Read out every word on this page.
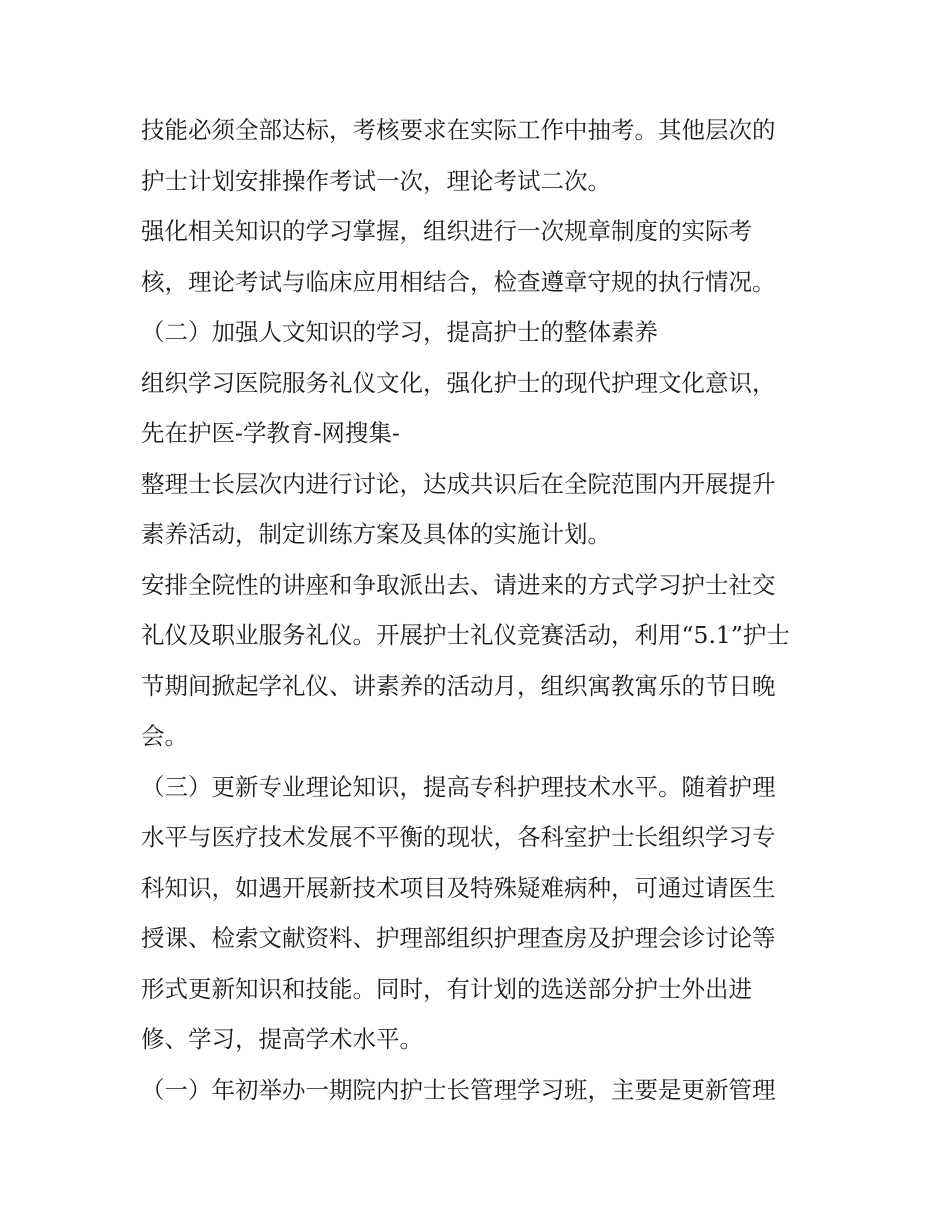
技能必须全部达标，考核要求在实际工作中抽考。其他层次的
护士计划安排操作考试一次，理论考试二次。
强化相关知识的学习掌握，组织进行一次规章制度的实际考
核，理论考试与临床应用相结合，检查遵章守规的执行情况。
（二）加强人文知识的学习，提高护士的整体素养
组织学习医院服务礼仪文化，强化护士的现代护理文化意识，
先在护医-学教育-网搜集-
整理士长层次内进行讨论，达成共识后在全院范围内开展提升
素养活动，制定训练方案及具体的实施计划。
安排全院性的讲座和争取派出去、请进来的方式学习护士社交
礼仪及职业服务礼仪。开展护士礼仪竞赛活动，利用“5.1”护士
节期间掀起学礼仪、讲素养的活动月，组织寓教寓乐的节日晚
会。
（三）更新专业理论知识，提高专科护理技术水平。随着护理
水平与医疗技术发展不平衡的现状，各科室护士长组织学习专
科知识，如遇开展新技术项目及特殊疑难病种，可通过请医生
授课、检索文献资料、护理部组织护理查房及护理会诊讨论等
形式更新知识和技能。同时，有计划的选送部分护士外出进
修、学习，提高学术水平。
（一）年初举办一期院内护士长管理学习班，主要是更新管理
